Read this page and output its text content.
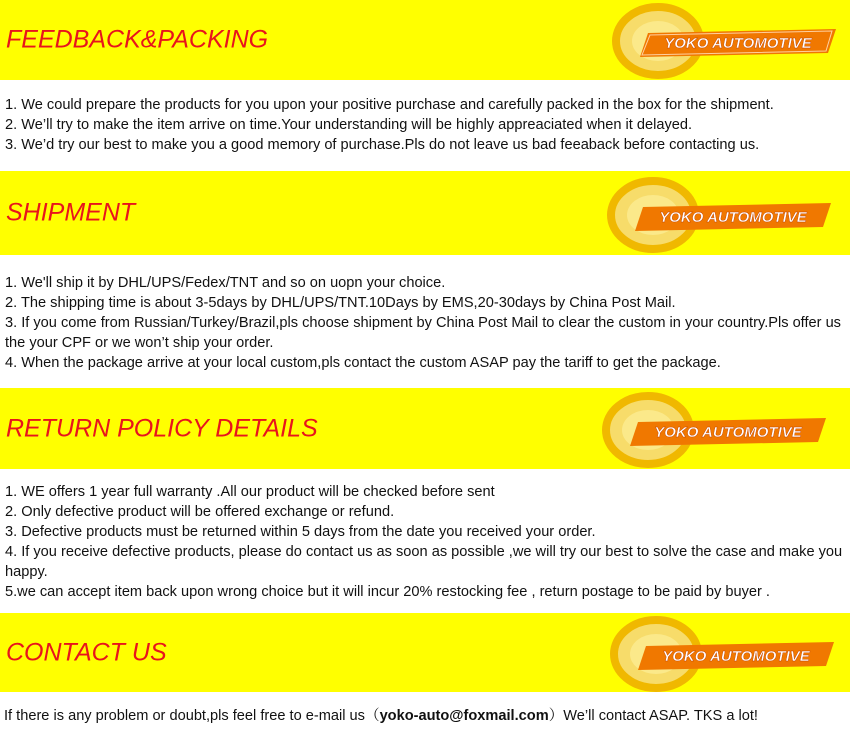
FEEDBACK&PACKING	YOKO AUTOMOTIVE
1. We could prepare the products for you upon your positive purchase and carefully packed in the box for the shipment.
2. We’ll try to make the item arrive on time.Your understanding will be highly appreaciated when it delayed.
3. We’d try our best to make you a good memory of purchase.Pls do not leave us bad feeaback before contacting us.
SHIPMENT	YOKO AUTOMOTIVE
1. We'll ship it by DHL/UPS/Fedex/TNT and so on uopn your choice.
2. The shipping time is about 3-5days by DHL/UPS/TNT.10Days by EMS,20-30days by China Post Mail.
3. If you come from Russian/Turkey/Brazil,pls choose shipment by China Post Mail to clear the custom in your country.Pls offer us the your CPF or we won’t ship your order.
4. When the package arrive at your local custom,pls contact the custom ASAP pay the tariff to get the package.
RETURN POLICY DETAILS	YOKO AUTOMOTIVE
1. WE offers 1 year full warranty .All our product will be checked before sent
2. Only defective product will be offered exchange or refund.
3. Defective products must be returned within 5 days from the date you received your order.
4. If you receive defective products, please do contact us as soon as possible ,we will try our best to solve the case and make you happy.
5.we can accept item back upon wrong choice but it will incur 20% restocking fee , return postage to be paid by buyer .
CONTACT US	YOKO AUTOMOTIVE
If there is any problem or doubt,pls feel free to e-mail us（yoko-auto@foxmail.com）We’ll contact ASAP. TKS a lot!
